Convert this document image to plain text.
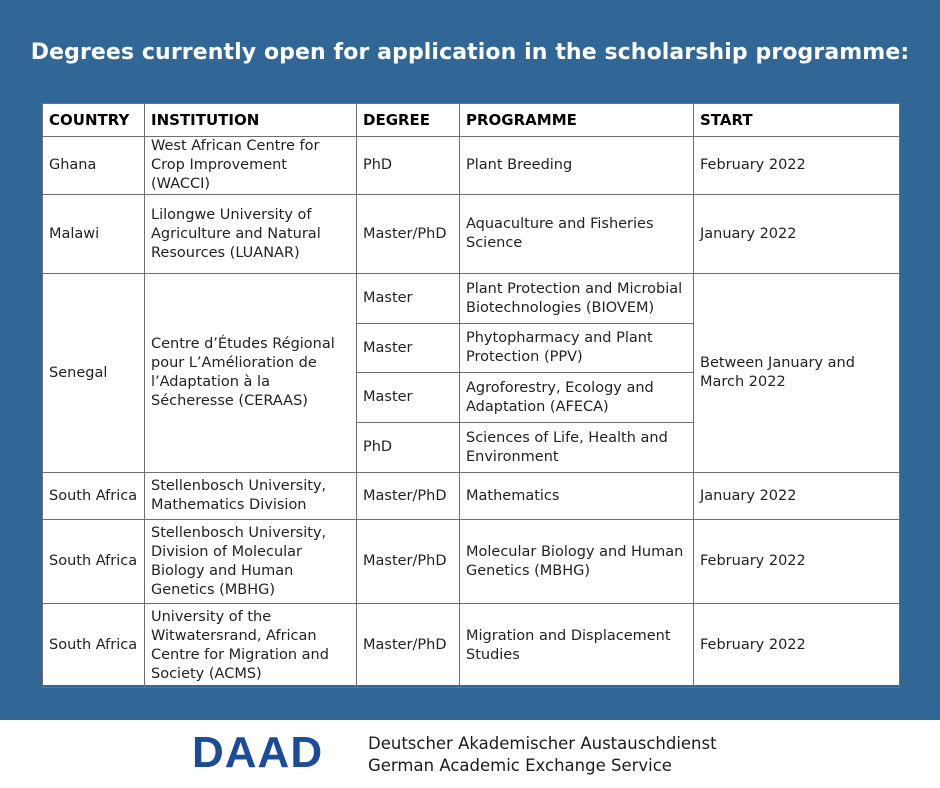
Degrees currently open for application in the scholarship programme:
COUNTRY	INSTITUTION	DEGREE	PROGRAMME	START
Ghana	West African Centre for Crop Improvement (WACCI)	PhD	Plant Breeding	February 2022
Malawi	Lilongwe University of Agriculture and Natural Resources (LUANAR)	Master/PhD	Aquaculture and Fisheries Science	January 2022
Senegal	Centre d’Études Régional pour L’Amélioration de l’Adaptation à la Sécheresse (CERAAS)	Master	Plant Protection and Microbial Biotechnologies (BIOVEM)	Between January and March 2022
		Master	Phytopharmacy and Plant Protection (PPV)	
		Master	Agroforestry, Ecology and Adaptation (AFECA)	
		PhD	Sciences of Life, Health and Environment	
South Africa	Stellenbosch University, Mathematics Division	Master/PhD	Mathematics	January 2022
South Africa	Stellenbosch University, Division of Molecular Biology and Human Genetics (MBHG)	Master/PhD	Molecular Biology and Human Genetics (MBHG)	February 2022
South Africa	University of the Witwatersrand, African Centre for Migration and Society (ACMS)	Master/PhD	Migration and Displacement Studies	February 2022
DAAD	Deutscher Akademischer Austauschdienst
German Academic Exchange Service
